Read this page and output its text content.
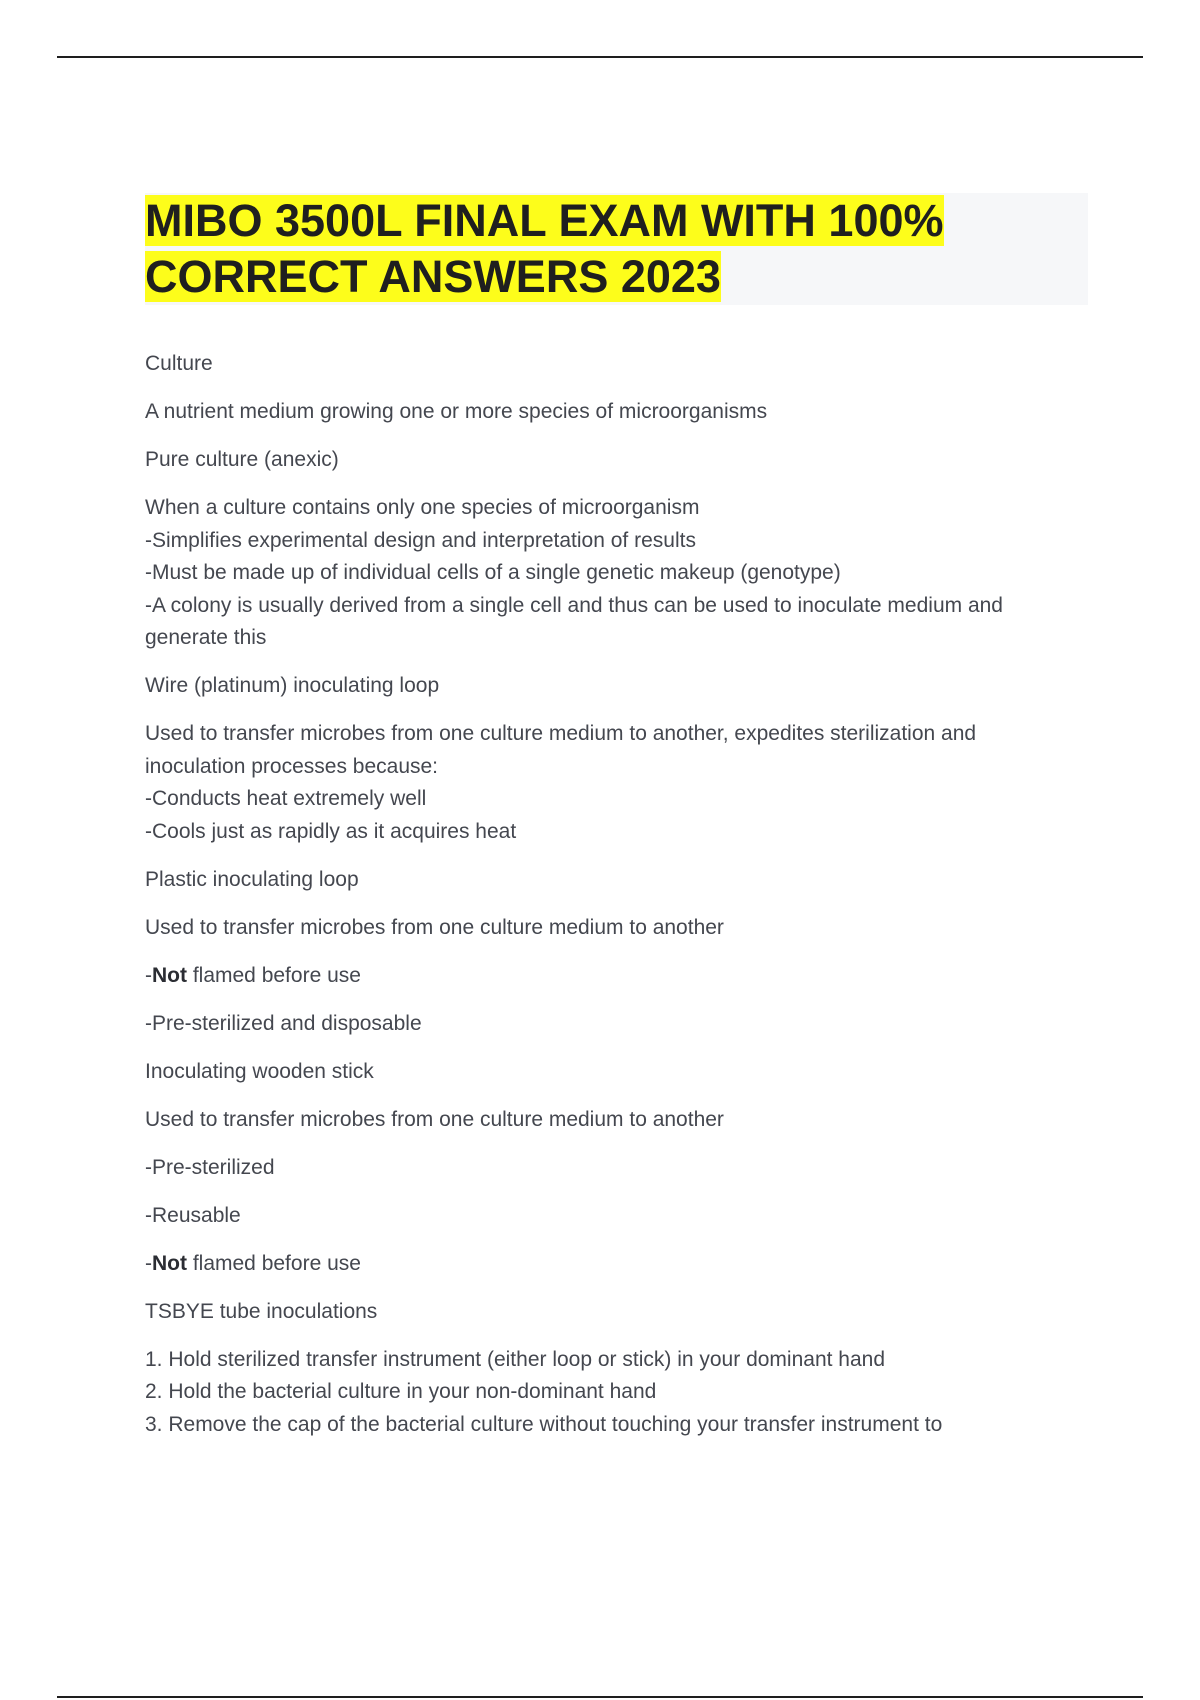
MIBO 3500L FINAL EXAM WITH 100%
CORRECT ANSWERS 2023

Culture

A nutrient medium growing one or more species of microorganisms

Pure culture (anexic)

When a culture contains only one species of microorganism
-Simplifies experimental design and interpretation of results
-Must be made up of individual cells of a single genetic makeup (genotype)
-A colony is usually derived from a single cell and thus can be used to inoculate medium and generate this

Wire (platinum) inoculating loop

Used to transfer microbes from one culture medium to another, expedites sterilization and inoculation processes because:
-Conducts heat extremely well
-Cools just as rapidly as it acquires heat

Plastic inoculating loop

Used to transfer microbes from one culture medium to another

-Not flamed before use

-Pre-sterilized and disposable

Inoculating wooden stick

Used to transfer microbes from one culture medium to another

-Pre-sterilized

-Reusable

-Not flamed before use

TSBYE tube inoculations

1. Hold sterilized transfer instrument (either loop or stick) in your dominant hand
2. Hold the bacterial culture in your non-dominant hand
3. Remove the cap of the bacterial culture without touching your transfer instrument to
